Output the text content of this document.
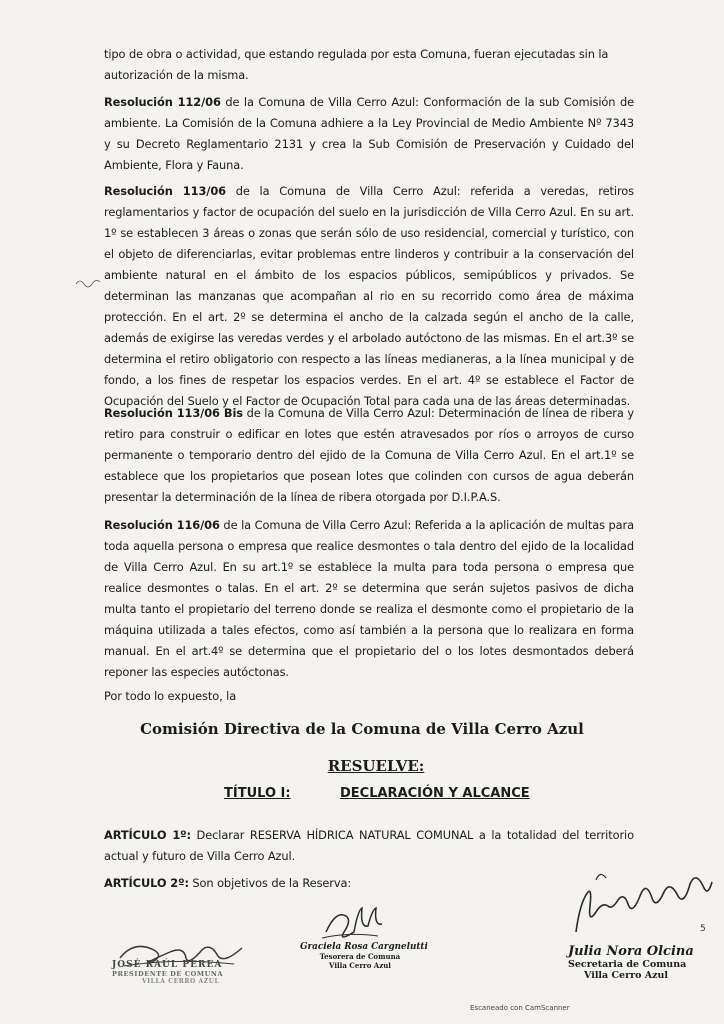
tipo de obra o actividad, que estando regulada por esta Comuna, fueran ejecutadas sin la
autorización de la misma.

Resolución 112/06 de la Comuna de Villa Cerro Azul: Conformación de la sub Comisión de ambiente. La Comisión de la Comuna adhiere a la Ley Provincial de Medio Ambiente Nº 7343 y su Decreto Reglamentario 2131 y crea la Sub Comisión de Preservación y Cuidado del Ambiente, Flora y Fauna.

Resolución 113/06 de la Comuna de Villa Cerro Azul: referida a veredas, retiros reglamentarios y factor de ocupación del suelo en la jurisdicción de Villa Cerro Azul. En su art. 1º se establecen 3 áreas o zonas que serán sólo de uso residencial, comercial y turístico, con el objeto de diferenciarlas, evitar problemas entre linderos y contribuir a la conservación del ambiente natural en el ámbito de los espacios públicos, semipúblicos y privados. Se determinan las manzanas que acompañan al rio en su recorrido como área de máxima protección. En el art. 2º se determina el ancho de la calzada según el ancho de la calle, además de exigirse las veredas verdes y el arbolado autóctono de las mismas. En el art.3º se determina el retiro obligatorio con respecto a las líneas medianeras, a la línea municipal y de fondo, a los fines de respetar los espacios verdes. En el art. 4º se establece el Factor de Ocupación del Suelo y el Factor de Ocupación Total para cada una de las áreas determinadas.

Resolución 113/06 Bis de la Comuna de Villa Cerro Azul: Determinación de línea de ribera y retiro para construir o edificar en lotes que estén atravesados por ríos o arroyos de curso permanente o temporario dentro del ejido de la Comuna de Villa Cerro Azul. En el art.1º se establece que los propietarios que posean lotes que colinden con cursos de agua deberán presentar la determinación de la línea de ribera otorgada por D.I.P.A.S.

Resolución 116/06 de la Comuna de Villa Cerro Azul: Referida a la aplicación de multas para toda aquella persona o empresa que realice desmontes o tala dentro del ejido de la localidad de Villa Cerro Azul. En su art.1º se establece la multa para toda persona o empresa que realice desmontes o talas. En el art. 2º se determina que serán sujetos pasivos de dicha multa tanto el propietario del terreno donde se realiza el desmonte como el propietario de la máquina utilizada a tales efectos, como así también a la persona que lo realizara en forma manual. En el art.4º se determina que el propietario del o los lotes desmontados deberá reponer las especies autóctonas.

Por todo lo expuesto, la

Comisión Directiva de la Comuna de Villa Cerro Azul

RESUELVE:

TÍTULO I:	DECLARACIÓN Y ALCANCE

ARTÍCULO 1º: Declarar RESERVA HÍDRICA NATURAL COMUNAL a la totalidad del territorio actual y futuro de Villa Cerro Azul.

ARTÍCULO 2º: Son objetivos de la Reserva:

JOSÉ RAÚL PEREA
PRESIDENTE DE COMUNA
VILLA CERRO AZUL
Graciela Rosa Cargnelutti
Tesorera de Comuna
Villa Cerro Azul
Julia Nora Olcina
Secretaria de Comuna
Villa Cerro Azul
5
Escaneado con CamScanner
